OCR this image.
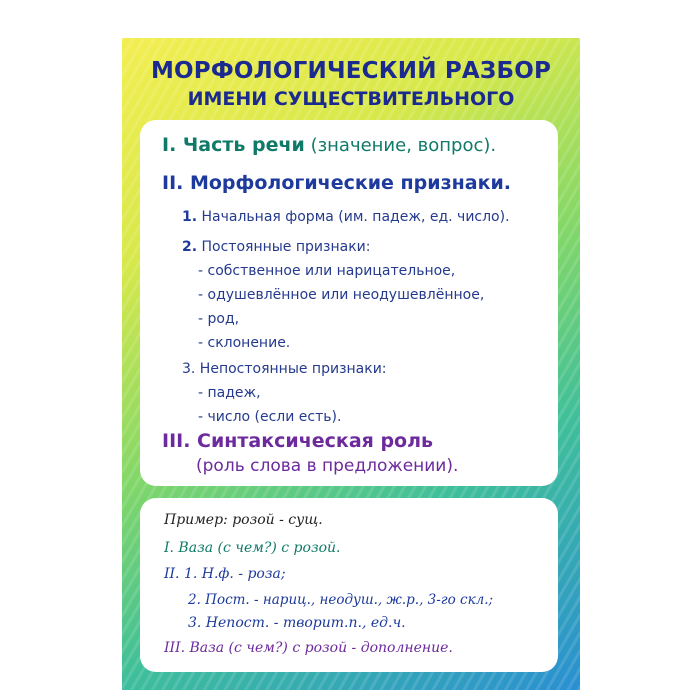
МОРФОЛОГИЧЕСКИЙ РАЗБОР
ИМЕНИ СУЩЕСТВИТЕЛЬНОГО
I. Часть речи (значение, вопрос).
II. Морфологические признаки.
1. Начальная форма (им. падеж, ед. число).
2. Постоянные признаки:
- собственное или нарицательное,
- одушевлённое или неодушевлённое,
- род,
- склонение.
3. Непостоянные признаки:
- падеж,
- число (если есть).
III. Синтаксическая роль
(роль слова в предложении).
Пример: розой - сущ.
I. Ваза (с чем?) с розой.
II. 1. Н.ф. - роза;
2. Пост. - нариц., неодуш., ж.р., 3-го скл.;
3. Непост. - творит.п., ед.ч.
III. Ваза (с чем?) с розой - дополнение.
